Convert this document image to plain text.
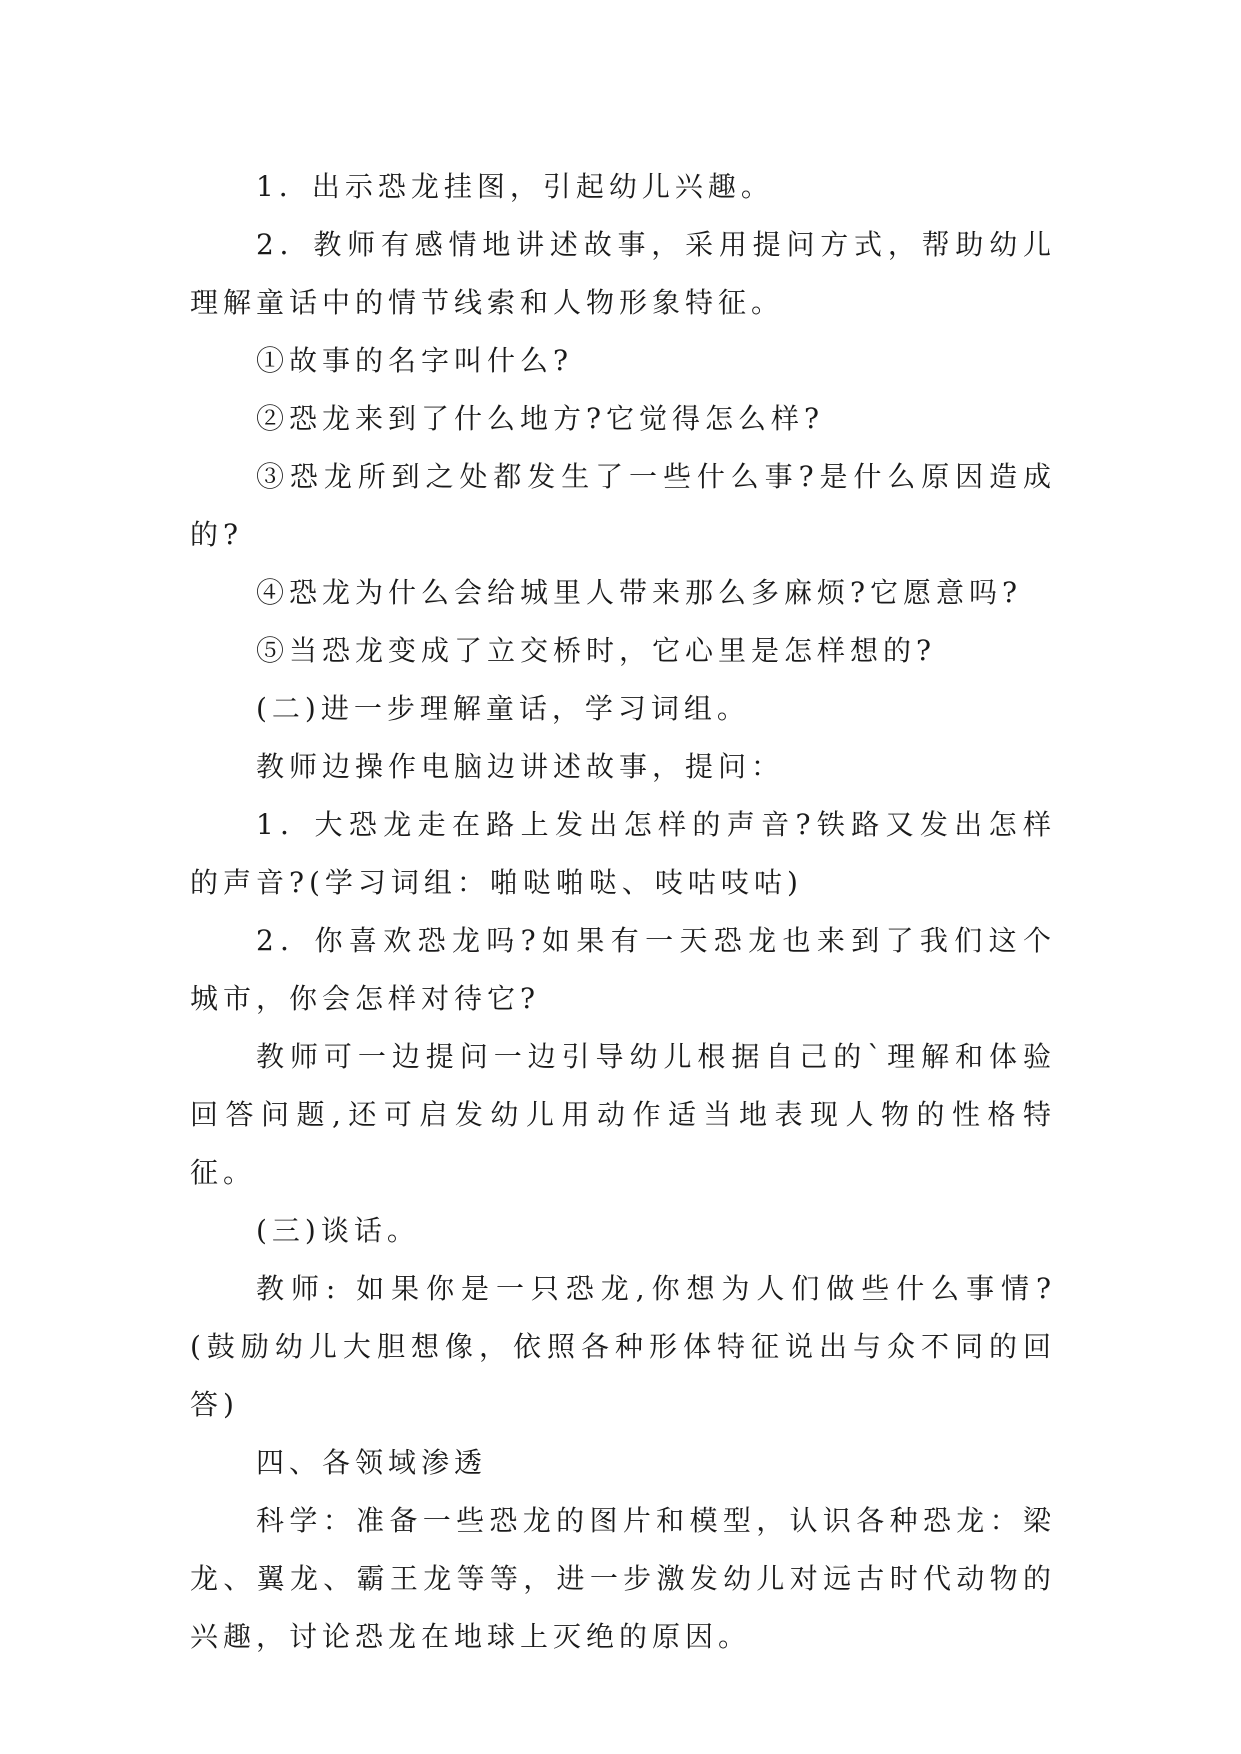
1．出示恐龙挂图，引起幼儿兴趣。

2．教师有感情地讲述故事，采用提问方式，帮助幼儿理解童话中的情节线索和人物形象特征。

①故事的名字叫什么?

②恐龙来到了什么地方?它觉得怎么样?

③恐龙所到之处都发生了一些什么事?是什么原因造成的?

④恐龙为什么会给城里人带来那么多麻烦?它愿意吗?

⑤当恐龙变成了立交桥时，它心里是怎样想的?

(二)进一步理解童话，学习词组。

教师边操作电脑边讲述故事，提问：

1．大恐龙走在路上发出怎样的声音?铁路又发出怎样的声音?(学习词组：啪哒啪哒、吱咕吱咕)

2．你喜欢恐龙吗?如果有一天恐龙也来到了我们这个城市，你会怎样对待它?

教师可一边提问一边引导幼儿根据自己的`理解和体验回答问题,还可启发幼儿用动作适当地表现人物的性格特征。

(三)谈话。

教师: 如果你是一只恐龙,你想为人们做些什么事情?(鼓励幼儿大胆想像，依照各种形体特征说出与众不同的回答)

四、各领域渗透

科学：准备一些恐龙的图片和模型，认识各种恐龙：梁龙、翼龙、霸王龙等等，进一步激发幼儿对远古时代动物的兴趣，讨论恐龙在地球上灭绝的原因。
